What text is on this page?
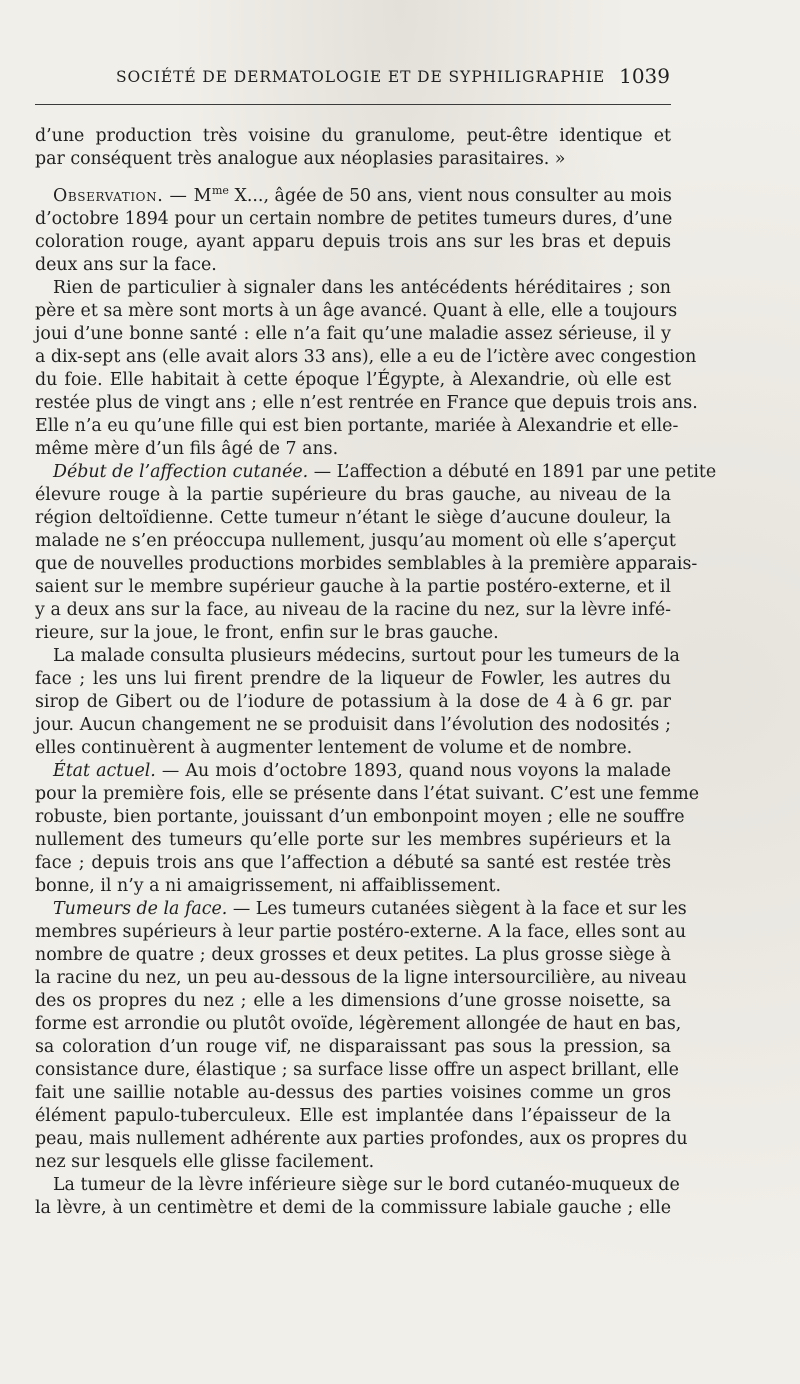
SOCIÉTÉ DE DERMATOLOGIE ET DE SYPHILIGRAPHIE 1039
d’une production très voisine du granulome, peut-être identique et
par conséquent très analogue aux néoplasies parasitaires. »
Observation. — $M^{me}$ X..., âgée de 50 ans, vient nous consulter au mois
d’octobre 1894 pour un certain nombre de petites tumeurs dures, d’une
coloration rouge, ayant apparu depuis trois ans sur les bras et depuis
deux ans sur la face.
Rien de particulier à signaler dans les antécédents héréditaires ; son
père et sa mère sont morts à un âge avancé. Quant à elle, elle a toujours
joui d’une bonne santé : elle n’a fait qu’une maladie assez sérieuse, il y
a dix-sept ans (elle avait alors 33 ans), elle a eu de l’ictère avec congestion
du foie. Elle habitait à cette époque l’Égypte, à Alexandrie, où elle est
restée plus de vingt ans ; elle n’est rentrée en France que depuis trois ans.
Elle n’a eu qu’une fille qui est bien portante, mariée à Alexandrie et elle-
même mère d’un fils âgé de 7 ans.
Début de l’affection cutanée. — L’affection a débuté en 1891 par une petite
élevure rouge à la partie supérieure du bras gauche, au niveau de la
région deltoïdienne. Cette tumeur n’étant le siège d’aucune douleur, la
malade ne s’en préoccupa nullement, jusqu’au moment où elle s’aperçut
que de nouvelles productions morbides semblables à la première apparais-
saient sur le membre supérieur gauche à la partie postéro-externe, et il
y a deux ans sur la face, au niveau de la racine du nez, sur la lèvre infé-
rieure, sur la joue, le front, enfin sur le bras gauche.
La malade consulta plusieurs médecins, surtout pour les tumeurs de la
face ; les uns lui firent prendre de la liqueur de Fowler, les autres du
sirop de Gibert ou de l’iodure de potassium à la dose de 4 à 6 gr. par
jour. Aucun changement ne se produisit dans l’évolution des nodosités ;
elles continuèrent à augmenter lentement de volume et de nombre.
État actuel. — Au mois d’octobre 1893, quand nous voyons la malade
pour la première fois, elle se présente dans l’état suivant. C’est une femme
robuste, bien portante, jouissant d’un embonpoint moyen ; elle ne souffre
nullement des tumeurs qu’elle porte sur les membres supérieurs et la
face ; depuis trois ans que l’affection a débuté sa santé est restée très
bonne, il n’y a ni amaigrissement, ni affaiblissement.
Tumeurs de la face. — Les tumeurs cutanées siègent à la face et sur les
membres supérieurs à leur partie postéro-externe. A la face, elles sont au
nombre de quatre ; deux grosses et deux petites. La plus grosse siège à
la racine du nez, un peu au-dessous de la ligne intersourcilière, au niveau
des os propres du nez ; elle a les dimensions d’une grosse noisette, sa
forme est arrondie ou plutôt ovoïde, légèrement allongée de haut en bas,
sa coloration d’un rouge vif, ne disparaissant pas sous la pression, sa
consistance dure, élastique ; sa surface lisse offre un aspect brillant, elle
fait une saillie notable au-dessus des parties voisines comme un gros
élément papulo-tuberculeux. Elle est implantée dans l’épaisseur de la
peau, mais nullement adhérente aux parties profondes, aux os propres du
nez sur lesquels elle glisse facilement.
La tumeur de la lèvre inférieure siège sur le bord cutanéo-muqueux de
la lèvre, à un centimètre et demi de la commissure labiale gauche ; elle
